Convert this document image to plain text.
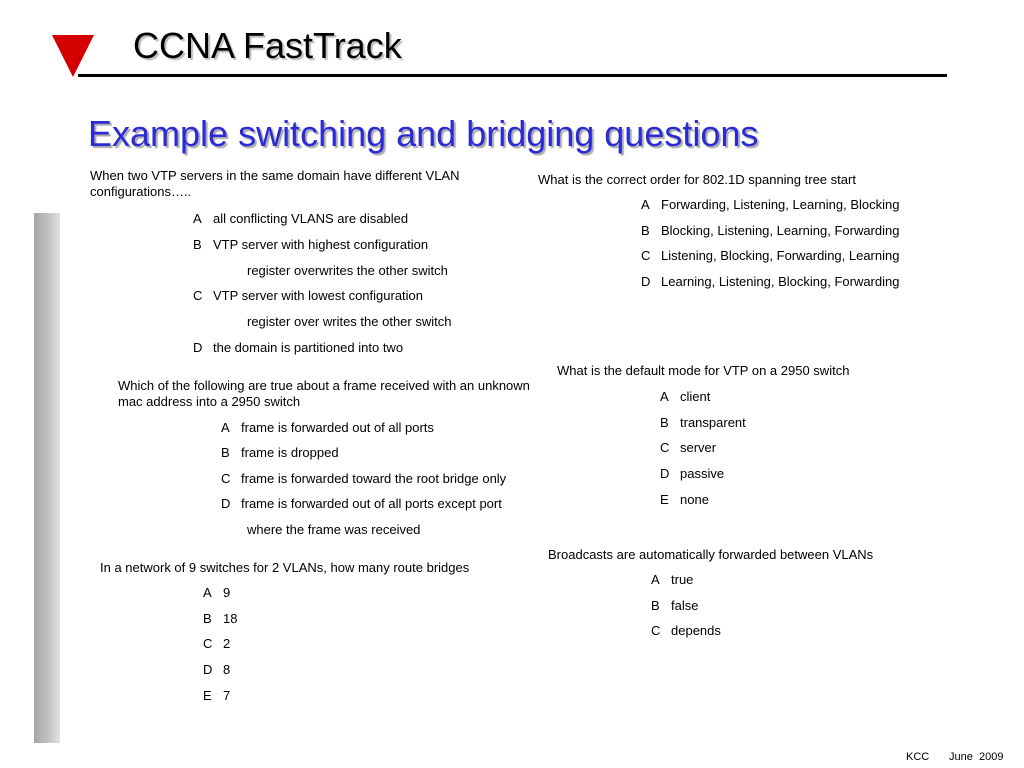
CCNA FastTrack
Example switching and bridging questions

When two VTP servers in the same domain have different VLAN configurations…..

A all conflicting VLANS are disabled
B VTP server with highest configuration
register overwrites the other switch
C VTP server with lowest configuration
register over writes the other switch
D the domain is partitioned into two

Which of the following are true about a frame received with an unknown mac address into a 2950 switch

A frame is forwarded out of all ports
B frame is dropped
C frame is forwarded toward the root bridge only
D frame is forwarded out of all ports except port
where the frame was received

In a network of 9 switches for 2 VLANs, how many route bridges

A 9
B 18
C 2
D 8
E 7

What is the correct order for 802.1D spanning tree start

A Forwarding, Listening, Learning, Blocking
B Blocking, Listening, Learning, Forwarding
C Listening, Blocking, Forwarding, Learning
D Learning, Listening, Blocking, Forwarding

What is the default mode for VTP on a 2950 switch

A client
B transparent
C server
D passive
E none

Broadcasts are automatically forwarded between VLANs

A true
B false
C depends
KCC June  2009
